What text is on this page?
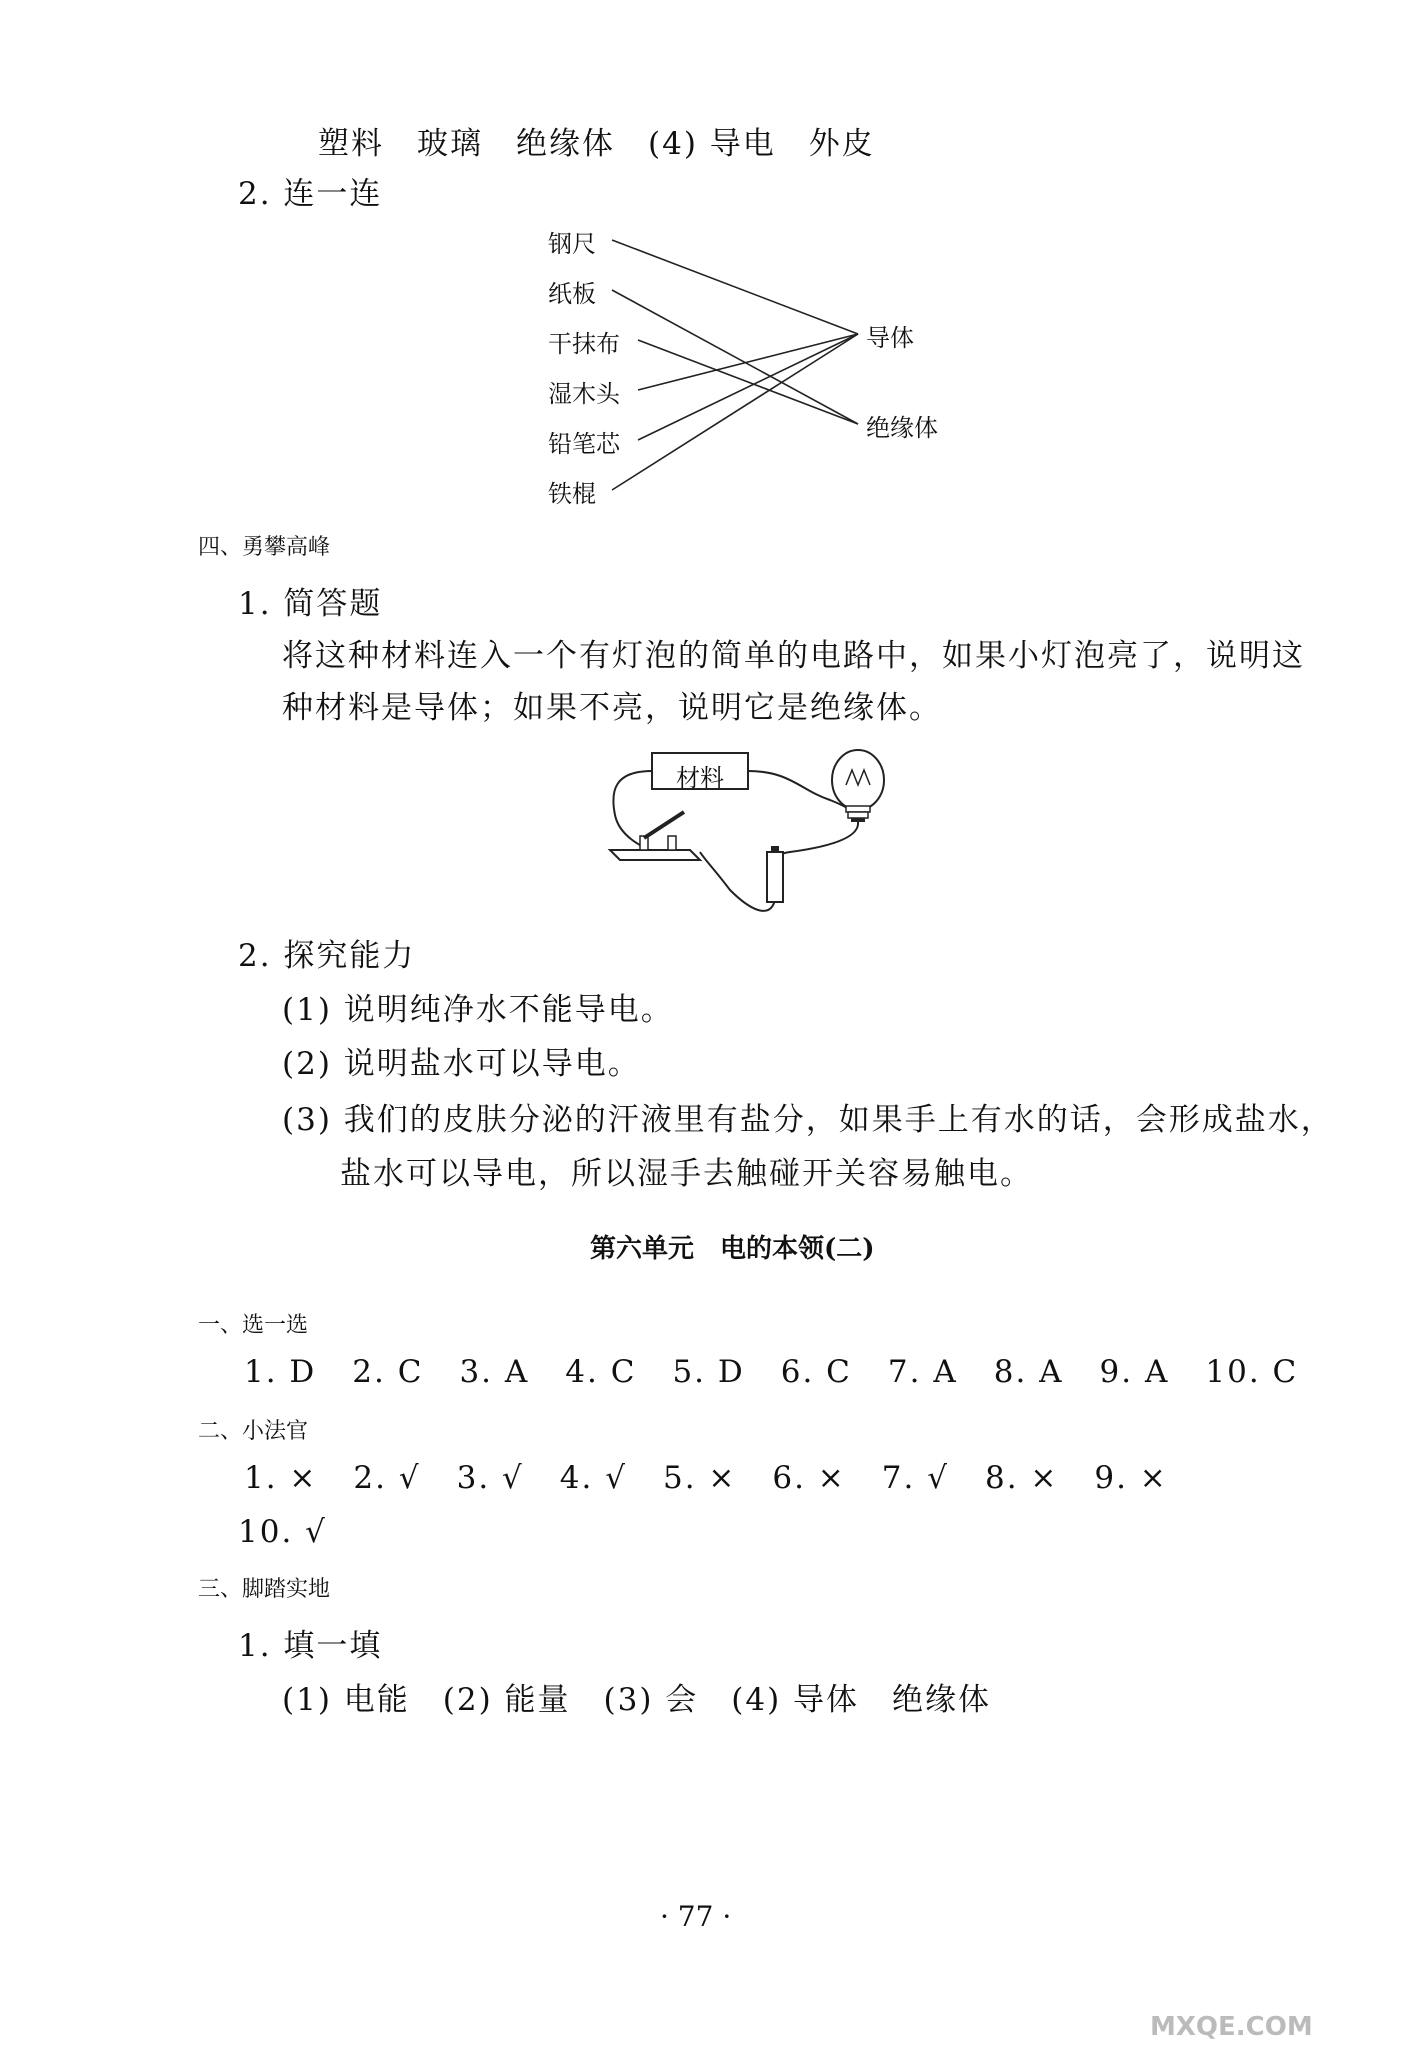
塑料　玻璃　绝缘体　(4) 导电　外皮
2. 连一连
钢尺
纸板
干抹布
湿木头
铅笔芯
铁棍
导体
绝缘体
四、勇攀高峰
1. 简答题
将这种材料连入一个有灯泡的简单的电路中，如果小灯泡亮了，说明这
种材料是导体；如果不亮，说明它是绝缘体。
材料
2. 探究能力
(1) 说明纯净水不能导电。
(2) 说明盐水可以导电。
(3) 我们的皮肤分泌的汗液里有盐分，如果手上有水的话，会形成盐水，
盐水可以导电，所以湿手去触碰开关容易触电。
第六单元　电的本领(二)
一、选一选
1. D 2. C 3. A 4. C 5. D 6. C 7. A 8. A 9. A 10. C
二、小法官
1. × 2. √ 3. √ 4. √ 5. × 6. × 7. √ 8. × 9. ×
10. √
三、脚踏实地
1. 填一填
(1) 电能　(2) 能量　(3) 会　(4) 导体　绝缘体
· 77 ·
MXQE.COM
